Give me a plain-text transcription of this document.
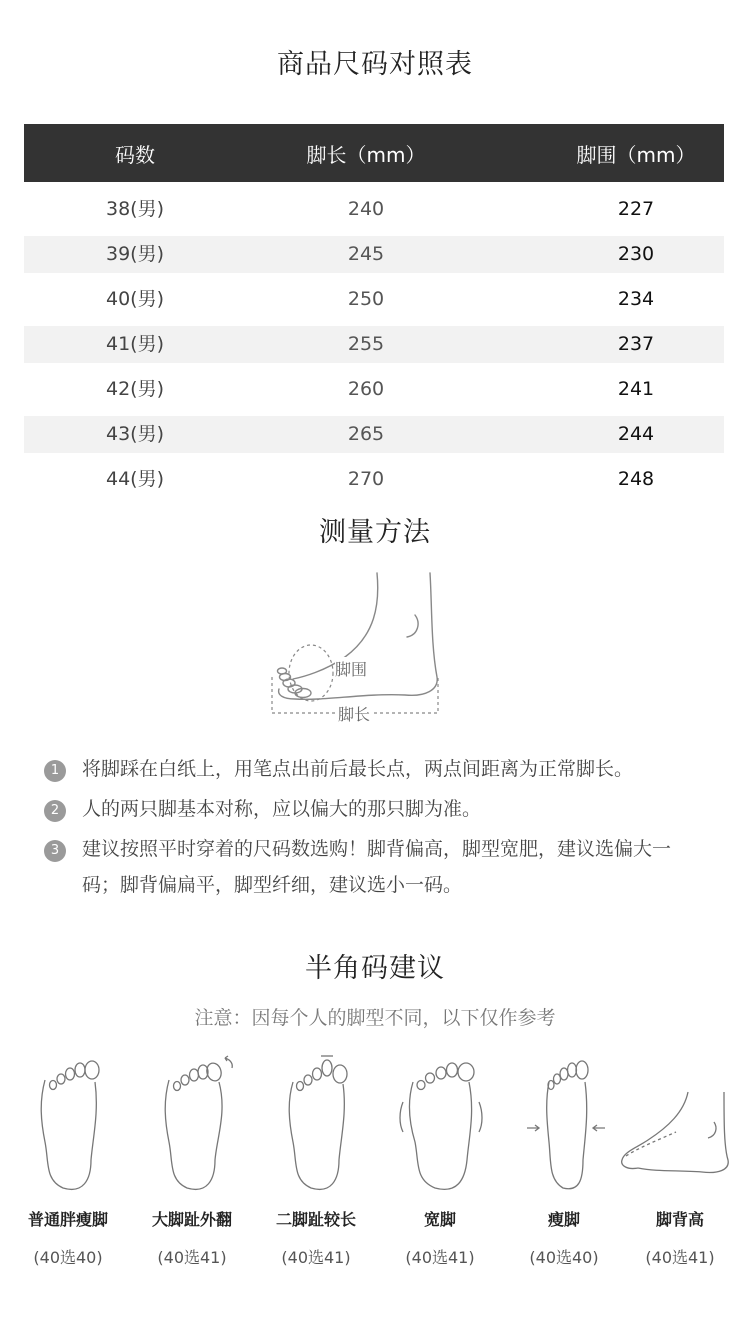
商品尺码对照表
码数	脚长（mm）	脚围（mm）
38(男)	240	227
39(男)	245	230
40(男)	250	234
41(男)	255	237
42(男)	260	241
43(男)	265	244
44(男)	270	248
测量方法
脚围
脚长
1	将脚踩在白纸上，用笔点出前后最长点，两点间距离为正常脚长。
2	人的两只脚基本对称，应以偏大的那只脚为准。
3	建议按照平时穿着的尺码数选购！脚背偏高，脚型宽肥，建议选偏大一码；脚背偏扁平，脚型纤细，建议选小一码。
半角码建议
注意：因每个人的脚型不同，以下仅作参考
普通胖瘦脚
(40选40)
大脚趾外翻
(40选41)
二脚趾较长
(40选41)
宽脚
(40选41)
瘦脚
(40选40)
脚背高
(40选41)
